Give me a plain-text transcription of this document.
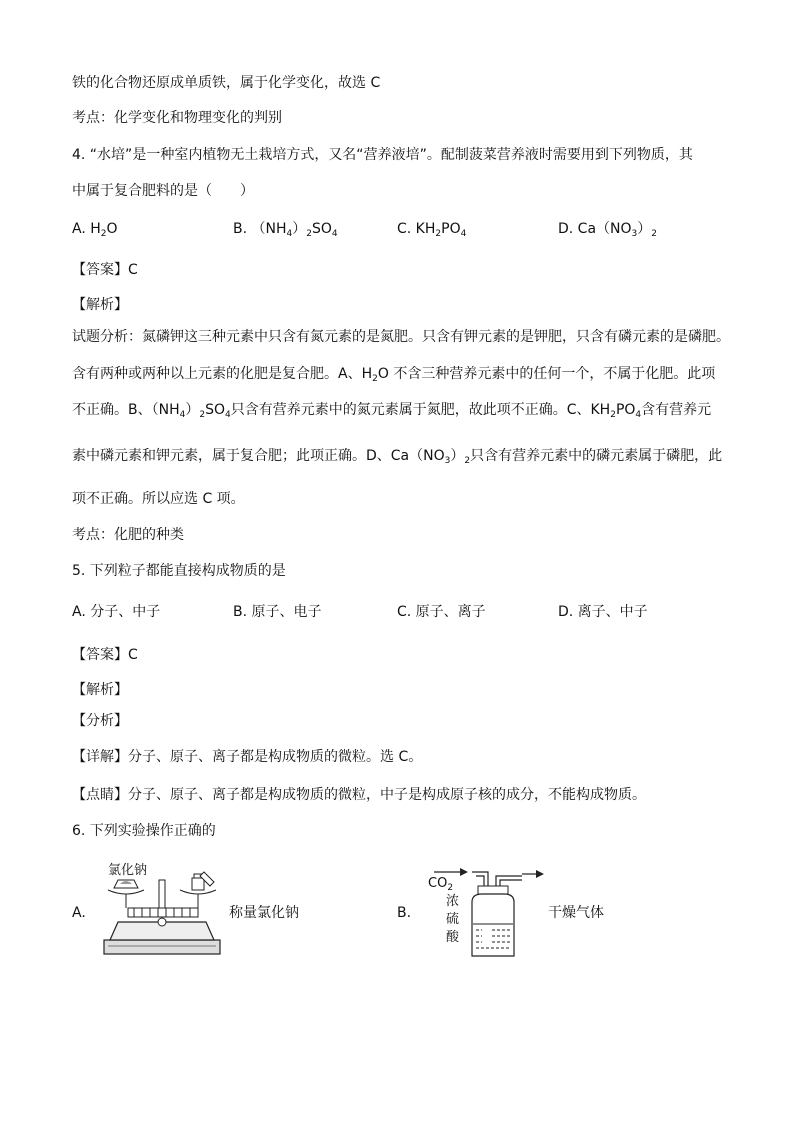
铁的化合物还原成单质铁，属于化学变化，故选 C
考点：化学变化和物理变化的判别
4. “水培”是一种室内植物无土栽培方式，又名“营养液培”。配制菠菜营养液时需要用到下列物质，其
中属于复合肥料的是（　　）
A. $H_2O$	B. $(NH_4)_2SO_4$	C. $KH_2PO_4$	D. $Ca(NO_3)_2$
【答案】C
【解析】
试题分析：氮磷钾这三种元素中只含有氮元素的是氮肥。只含有钾元素的是钾肥，只含有磷元素的是磷肥。
含有两种或两种以上元素的化肥是复合肥。A、$H_2O$ 不含三种营养元素中的任何一个，不属于化肥。此项
不正确。B、$(NH_4)_2SO_4$只含有营养元素中的氮元素属于氮肥，故此项不正确。C、$KH_2PO_4$含有营养元
素中磷元素和钾元素，属于复合肥；此项正确。D、$Ca(NO_3)_2$只含有营养元素中的磷元素属于磷肥，此
项不正确。所以应选 C 项。
考点：化肥的种类
5. 下列粒子都能直接构成物质的是
A. 分子、中子	B. 原子、电子	C. 原子、离子	D. 离子、中子
【答案】C
【解析】
【分析】
【详解】分子、原子、离子都是构成物质的微粒。选 C。
【点睛】分子、原子、离子都是构成物质的微粒，中子是构成原子核的成分，不能构成物质。
6. 下列实验操作正确的
A.
氯化钠
称量氯化钠	B.
$CO_2$
浓
硫
酸
干燥气体
